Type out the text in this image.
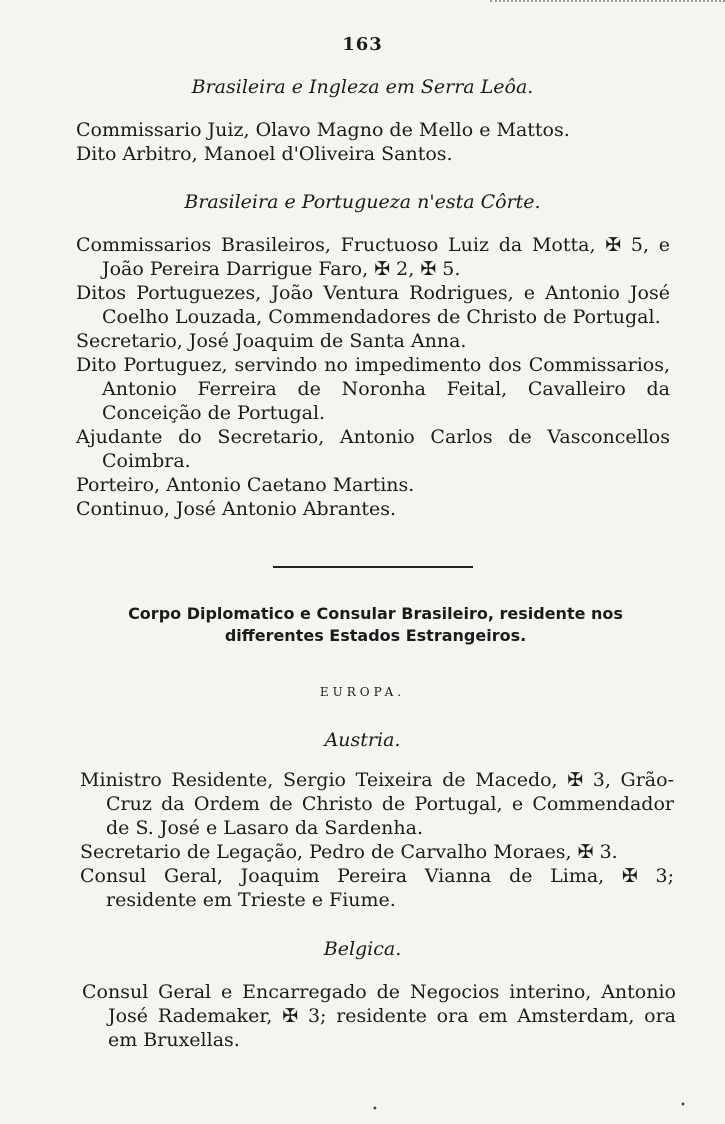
163
Brasileira e Ingleza em Serra Leôa.
Commissario Juiz, Olavo Magno de Mello e Mattos.
Dito Arbitro, Manoel d'Oliveira Santos.
Brasileira e Portugueza n'esta Côrte.
Commissarios Brasileiros, Fructuoso Luiz da Motta, ✠ 5, e João Pereira Darrigue Faro, ✠ 2, ✠ 5.
Ditos Portuguezes, João Ventura Rodrigues, e Antonio José Coelho Louzada, Commendadores de Christo de Portugal.
Secretario, José Joaquim de Santa Anna.
Dito Portuguez, servindo no impedimento dos Commissarios, Antonio Ferreira de Noronha Feital, Cavalleiro da Conceição de Portugal.
Ajudante do Secretario, Antonio Carlos de Vasconcellos Coimbra.
Porteiro, Antonio Caetano Martins.
Continuo, José Antonio Abrantes.
Corpo Diplomatico e Consular Brasileiro, residente nos differentes Estados Estrangeiros.
EUROPA.
Austria.
Ministro Residente, Sergio Teixeira de Macedo, ✠ 3, Grão-Cruz da Ordem de Christo de Portugal, e Commendador de S. José e Lasaro da Sardenha.
Secretario de Legação, Pedro de Carvalho Moraes, ✠ 3.
Consul Geral, Joaquim Pereira Vianna de Lima, ✠ 3; residente em Trieste e Fiume.
Belgica.
Consul Geral e Encarregado de Negocios interino, Antonio José Rademaker, ✠ 3; residente ora em Amsterdam, ora em Bruxellas.
•	•
